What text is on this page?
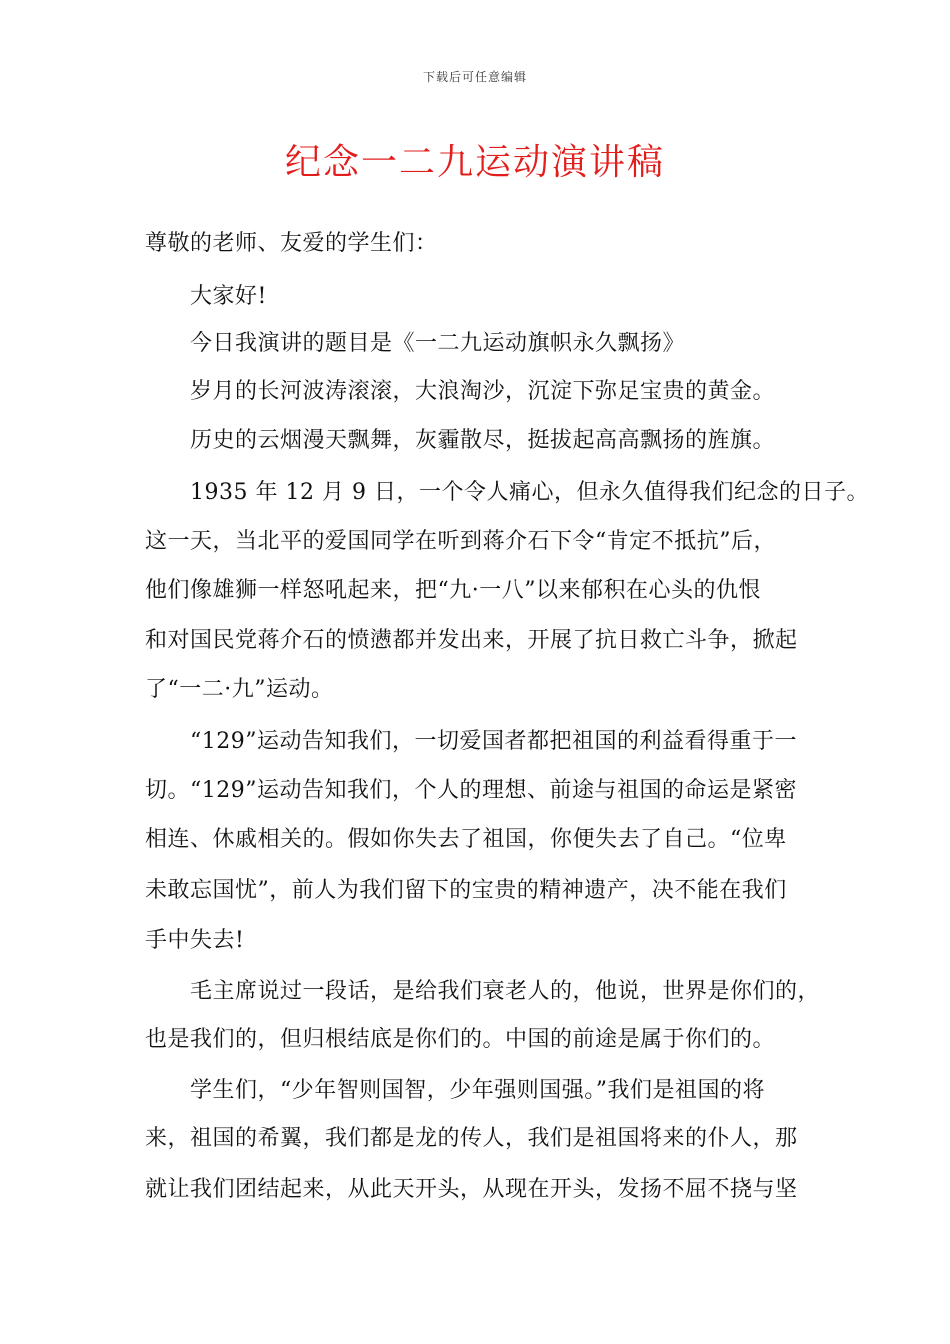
下载后可任意编辑
纪念一二九运动演讲稿
尊敬的老师、友爱的学生们：
大家好!
今日我演讲的题目是《一二九运动旗帜永久飘扬》
岁月的长河波涛滚滚，大浪淘沙，沉淀下弥足宝贵的黄金。
历史的云烟漫天飘舞，灰霾散尽，挺拔起高高飘扬的旌旗。
1935 年 12 月 9 日，一个令人痛心，但永久值得我们纪念的日子。
这一天，当北平的爱国同学在听到蒋介石下令“肯定不抵抗”后，
他们像雄狮一样怒吼起来，把“九·一八”以来郁积在心头的仇恨
和对国民党蒋介石的愤懑都并发出来，开展了抗日救亡斗争，掀起
了“一二·九”运动。
“129”运动告知我们，一切爱国者都把祖国的利益看得重于一
切。“129”运动告知我们，个人的理想、前途与祖国的命运是紧密
相连、休戚相关的。假如你失去了祖国，你便失去了自己。“位卑
未敢忘国忧”，前人为我们留下的宝贵的精神遗产，决不能在我们
手中失去!
毛主席说过一段话，是给我们衰老人的，他说，世界是你们的，
也是我们的，但归根结底是你们的。中国的前途是属于你们的。
学生们，“少年智则国智，少年强则国强。”我们是祖国的将
来，祖国的希翼，我们都是龙的传人，我们是祖国将来的仆人，那
就让我们团结起来，从此天开头，从现在开头，发扬不屈不挠与坚
